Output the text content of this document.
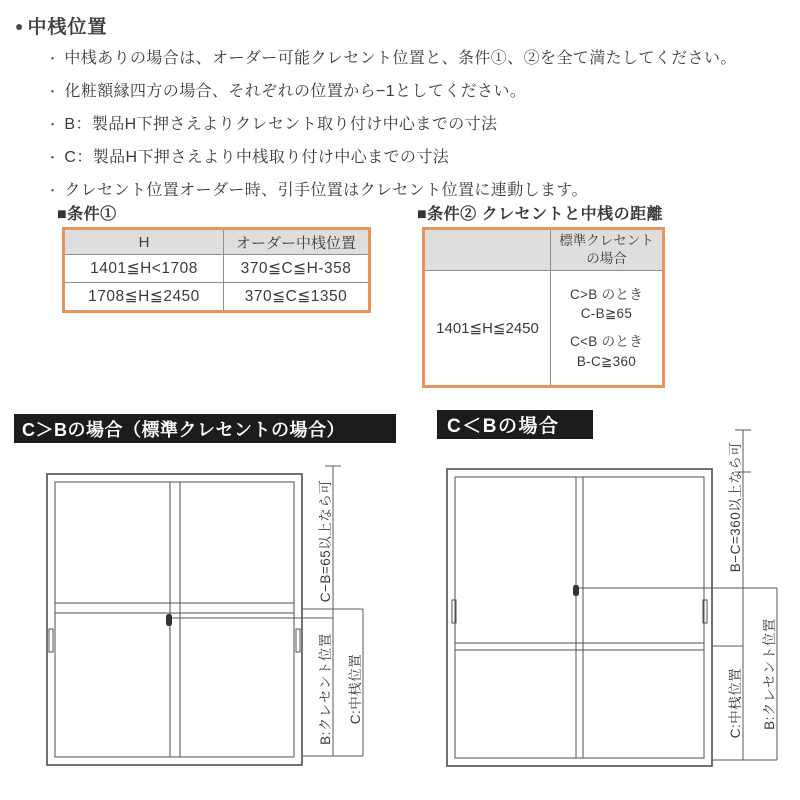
● 中桟位置
・ 中桟ありの場合は、オーダー可能クレセント位置と、条件①、②を全て満たしてください。
・ 化粧額縁四方の場合、それぞれの位置から−1としてください。
・ B：製品H下押さえよりクレセント取り付け中心までの寸法
・ C：製品H下押さえより中桟取り付け中心までの寸法
・ クレセント位置オーダー時、引手位置はクレセント位置に連動します。
■条件①
H	オーダー中桟位置
1401≦H<1708	370≦C≦H-358
1708≦H≦2450	370≦C≦1350
■条件② クレセントと中桟の距離

	標準クレセント
の場合

1401≦H≦2450	C>B のとき
C-B≧65
C<B のとき
B-C≧360
C−B=65以上なら可
B:クレセント位置 C:中桟位置
B−C=360以上なら可
C:中桟位置 B:クレセント位置
C＞Bの場合（標準クレセントの場合）	C＜Bの場合
